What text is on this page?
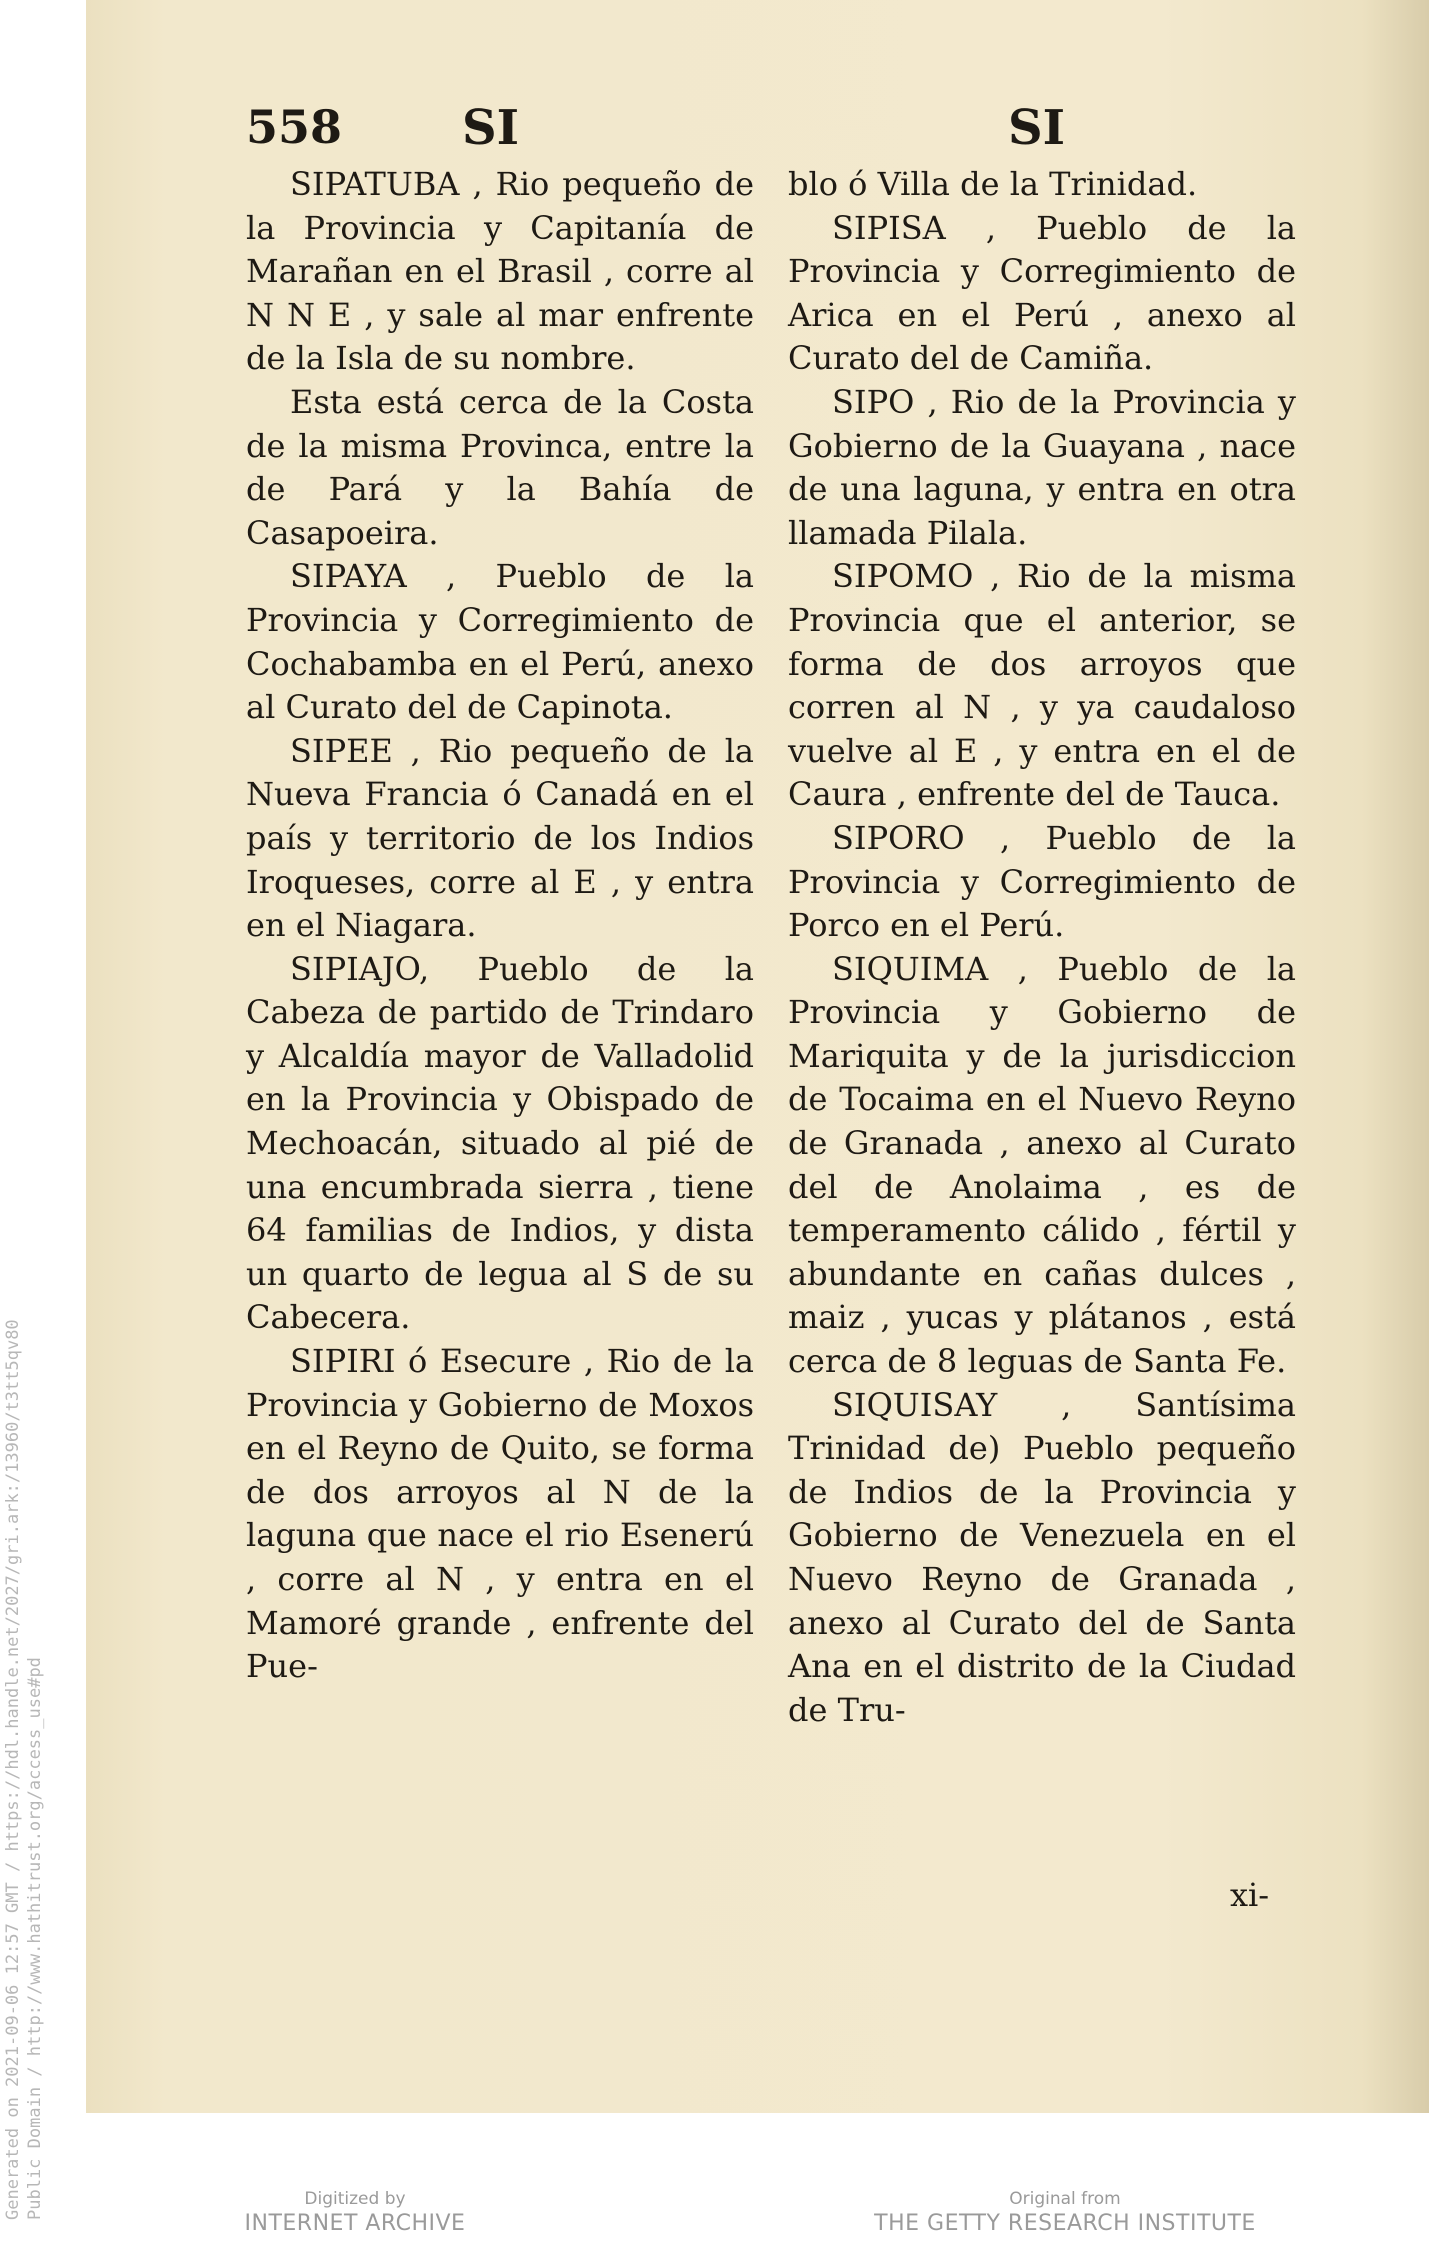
558 SI	SI

SIPATUBA , Rio pequeño de la Provincia y Capitanía de Marañan en el Brasil , corre al N N E , y sale al mar enfrente de la Isla de su nombre.

Esta está cerca de la Costa de la misma Provinca, entre la de Pará y la Bahía de Casapoeira.

SIPAYA , Pueblo de la Provincia y Corregimiento de Cochabamba en el Perú, anexo al Curato del de Capinota.

SIPEE , Rio pequeño de la Nueva Francia ó Canadá en el país y territorio de los Indios Iroqueses, corre al E , y entra en el Niagara.

SIPIAJO, Pueblo de la Cabeza de partido de Trindaro y Alcaldía mayor de Valladolid en la Provincia y Obispado de Mechoacán, situado al pié de una encumbrada sierra , tiene 64 familias de Indios, y dista un quarto de legua al S de su Cabecera.

SIPIRI ó Esecure , Rio de la Provincia y Gobierno de Moxos en el Reyno de Quito, se forma de dos arroyos al N de la laguna que nace el rio Esenerú , corre al N , y entra en el Mamoré grande , enfrente del Pue-

blo ó Villa de la Trinidad.

SIPISA , Pueblo de la Provincia y Corregimiento de Arica en el Perú , anexo al Curato del de Camiña.

SIPO , Rio de la Provincia y Gobierno de la Guayana , nace de una laguna, y entra en otra llamada Pilala.

SIPOMO , Rio de la misma Provincia que el anterior, se forma de dos arroyos que corren al N , y ya caudaloso vuelve al E , y entra en el de Caura , enfrente del de Tauca.

SIPORO , Pueblo de la Provincia y Corregimiento de Porco en el Perú.

SIQUIMA , Pueblo de la Provincia y Gobierno de Mariquita y de la jurisdiccion de Tocaima en el Nuevo Reyno de Granada , anexo al Curato del de Anolaima , es de temperamento cálido , fértil y abundante en cañas dulces , maiz , yucas y plátanos , está cerca de 8 leguas de Santa Fe.

SIQUISAY , Santísima Trinidad de) Pueblo pequeño de Indios de la Provincia y Gobierno de Venezuela en el Nuevo Reyno de Granada , anexo al Curato del de Santa Ana en el distrito de la Ciudad de Tru-

xi-
Generated on 2021-09-06 12:57 GMT / https://hdl.handle.net/2027/gri.ark:/13960/t3tt5qv80 Public Domain / http://www.hathitrust.org/access_use#pd	Digitized by
INTERNET ARCHIVE
Original from
THE GETTY RESEARCH INSTITUTE
